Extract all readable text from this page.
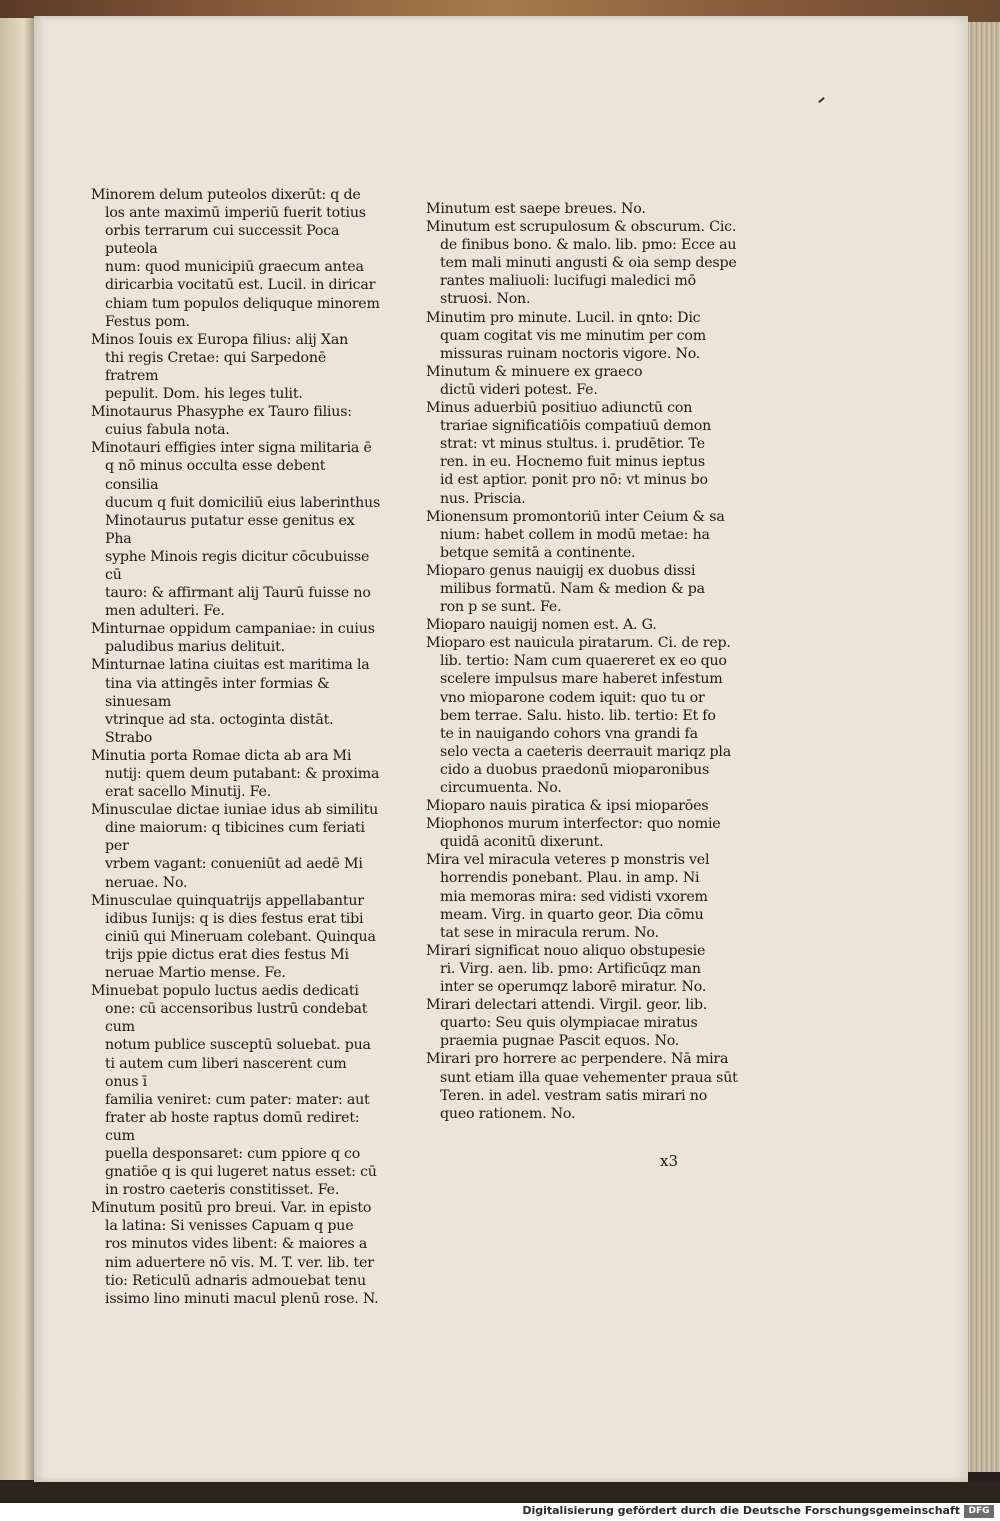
Minorem delum puteolos dixerūt: q de
los ante maximū imperiū fuerit totius
orbis terrarum cui successit Poca puteola
num: quod municipiū graecum antea
diricarbia vocitatū est. Lucil. in diricar
chiam tum populos deliquque minorem
Festus pom.

Minos Iouis ex Europa filius: alij Xan
thi regis Cretae: qui Sarpedonē fratrem
pepulit. Dom. his leges tulit.

Minotaurus Phasyphe ex Tauro filius:
cuius fabula nota.

Minotauri effigies inter signa militaria ē
q nō minus occulta esse debent consilia
ducum q fuit domiciliū eius laberinthus
Minotaurus putatur esse genitus ex Pha
syphe Minois regis dicitur cōcubuisse cū
tauro: & affirmant alij Taurū fuisse no
men adulteri. Fe.

Minturnae oppidum campaniae: in cuius
paludibus marius delituit.

Minturnae latina ciuitas est maritima la
tina via attingēs inter formias & sinuesam
vtrinque ad sta. octoginta distāt. Strabo

Minutia porta Romae dicta ab ara Mi
nutij: quem deum putabant: & proxima
erat sacello Minutij. Fe.

Minusculae dictae iuniae idus ab similitu
dine maiorum: q tibicines cum feriati per
vrbem vagant: conueniūt ad aedē Mi
neruae. No.

Minusculae quinquatrijs appellabantur
idibus Iunijs: q is dies festus erat tibi
ciniū qui Mineruam colebant. Quinqua
trijs ppie dictus erat dies festus Mi
neruae Martio mense. Fe.

Minuebat populo luctus aedis dedicati
one: cū accensoribus lustrū condebat cum
notum publice susceptū soluebat. pua
ti autem cum liberi nascerent cum onus ī
familia veniret: cum pater: mater: aut
frater ab hoste raptus domū rediret: cum
puella desponsaret: cum ppiore q co
gnatiōe q is qui lugeret natus esset: cū
in rostro caeteris constitisset. Fe.

Minutum positū pro breui. Var. in episto
la latina: Si venisses Capuam q pue
ros minutos vides libent: & maiores a
nim aduertere nō vis. M. T. ver. lib. ter
tio: Reticulū adnaris admouebat tenu
issimo lino minuti macul plenū rose. N.

Minutum est saepe breues. No.

Minutum est scrupulosum & obscurum. Cic.
de finibus bono. & malo. lib. pmo: Ecce au
tem mali minuti angusti & oia semp despe
rantes maliuoli: lucifugi maledici mō
struosi. Non.

Minutim pro minute. Lucil. in qnto: Dic
quam cogitat vis me minutim per com
missuras ruinam noctoris vigore. No.

Minutum & minuere ex graeco
dictū videri potest. Fe.

Minus aduerbiū positiuo adiunctū con
trariae significatiōis compatiuū demon
strat: vt minus stultus. i. prudētior. Te
ren. in eu. Hocnemo fuit minus ieptus
id est aptior. ponit pro nō: vt minus bo
nus. Priscia.

Mionensum promontoriū inter Ceium & sa
nium: habet collem in modū metae: ha
betque semitā a continente.

Mioparo genus nauigij ex duobus dissi
milibus formatū. Nam & medion & pa
ron p se sunt. Fe.

Mioparo nauigij nomen est. A. G.

Mioparo est nauicula piratarum. Ci. de rep.
lib. tertio: Nam cum quaereret ex eo quo
scelere impulsus mare haberet infestum
vno mioparone codem iquit: quo tu or
bem terrae. Salu. histo. lib. tertio: Et fo
te in nauigando cohors vna grandi fa
selo vecta a caeteris deerrauit mariqz pla
cido a duobus praedonū mioparonibus
circumuenta. No.

Mioparo nauis piratica & ipsi mioparōes

Miophonos murum interfector: quo nomie
quidā aconitū dixerunt.

Mira vel miracula veteres p monstris vel
horrendis ponebant. Plau. in amp. Ni
mia memoras mira: sed vidisti vxorem
meam. Virg. in quarto geor. Dia cōmu
tat sese in miracula rerum. No.

Mirari significat nouo aliquo obstupesie
ri. Virg. aen. lib. pmo: Artificūqz man
inter se operumqz laborē miratur. No.

Mirari delectari attendi. Virgil. geor. lib.
quarto: Seu quis olympiacae miratus
praemia pugnae Pascit equos. No.

Mirari pro horrere ac perpendere. Nā mira
sunt etiam illa quae vehementer praua sūt
Teren. in adel. vestram satis mirari no
queo rationem. No.

x3
Digitalisierung gefördert durch die Deutsche Forschungsgemeinschaft DFG
